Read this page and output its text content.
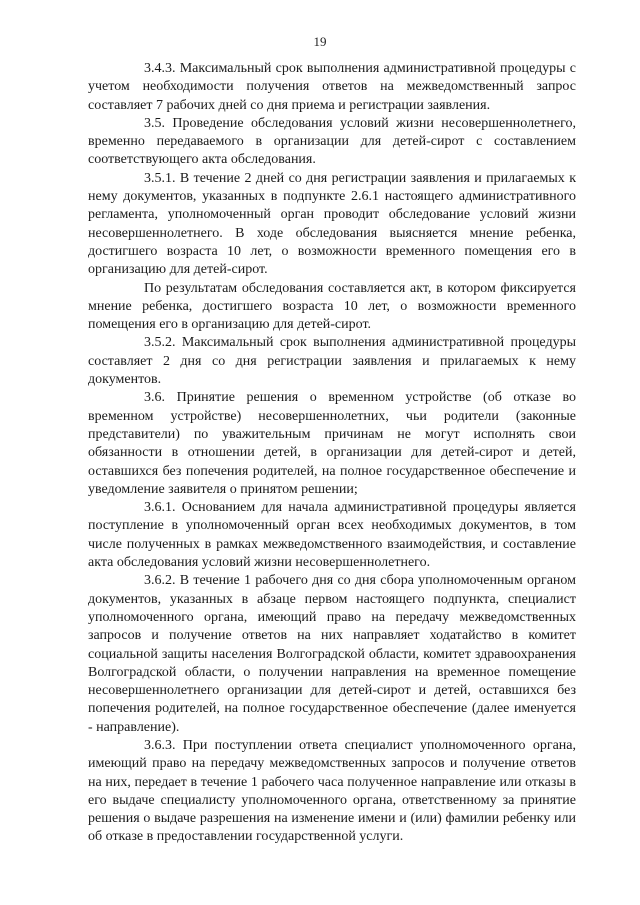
19

3.4.3. Максимальный срок выполнения административной процедуры с учетом необходимости получения ответов на межведомственный запрос составляет 7 рабочих дней со дня приема и регистрации заявления.

3.5. Проведение обследования условий жизни несовершеннолетнего, временно передаваемого в организации для детей-сирот с составлением соответствующего акта обследования.

3.5.1. В течение 2 дней со дня регистрации заявления и прилагаемых к нему документов, указанных в подпункте 2.6.1 настоящего административного регламента, уполномоченный орган проводит обследование условий жизни несовершеннолетнего. В ходе обследования выясняется мнение ребенка, достигшего возраста 10 лет, о возможности временного помещения его в организацию для детей-сирот.

По результатам обследования составляется акт, в котором фиксируется мнение ребенка, достигшего возраста 10 лет, о возможности временного помещения его в организацию для детей-сирот.

3.5.2. Максимальный срок выполнения административной процедуры составляет 2 дня со дня регистрации заявления и прилагаемых к нему документов.

3.6. Принятие решения о временном устройстве (об отказе во временном устройстве) несовершеннолетних, чьи родители (законные представители) по уважительным причинам не могут исполнять свои обязанности в отношении детей, в организации для детей-сирот и детей, оставшихся без попечения родителей, на полное государственное обеспечение и уведомление заявителя о принятом решении;

3.6.1. Основанием для начала административной процедуры является поступление в уполномоченный орган всех необходимых документов, в том числе полученных в рамках межведомственного взаимодействия, и составление акта обследования условий жизни несовершеннолетнего.

3.6.2. В течение 1 рабочего дня со дня сбора уполномоченным органом документов, указанных в абзаце первом настоящего подпункта, специалист уполномоченного органа, имеющий право на передачу межведомственных запросов и получение ответов на них направляет ходатайство в комитет социальной защиты населения Волгоградской области, комитет здравоохранения Волгоградской области, о получении направления на временное помещение несовершеннолетнего организации для детей-сирот и детей, оставшихся без попечения родителей, на полное государственное обеспечение (далее именуется - направление).

3.6.3. При поступлении ответа специалист уполномоченного органа, имеющий право на передачу межведомственных запросов и получение ответов на них, передает в течение 1 рабочего часа полученное направление или отказы в его выдаче специалисту уполномоченного органа, ответственному за принятие решения о выдаче разрешения на изменение имени и (или) фамилии ребенку или об отказе в предоставлении государственной услуги.
